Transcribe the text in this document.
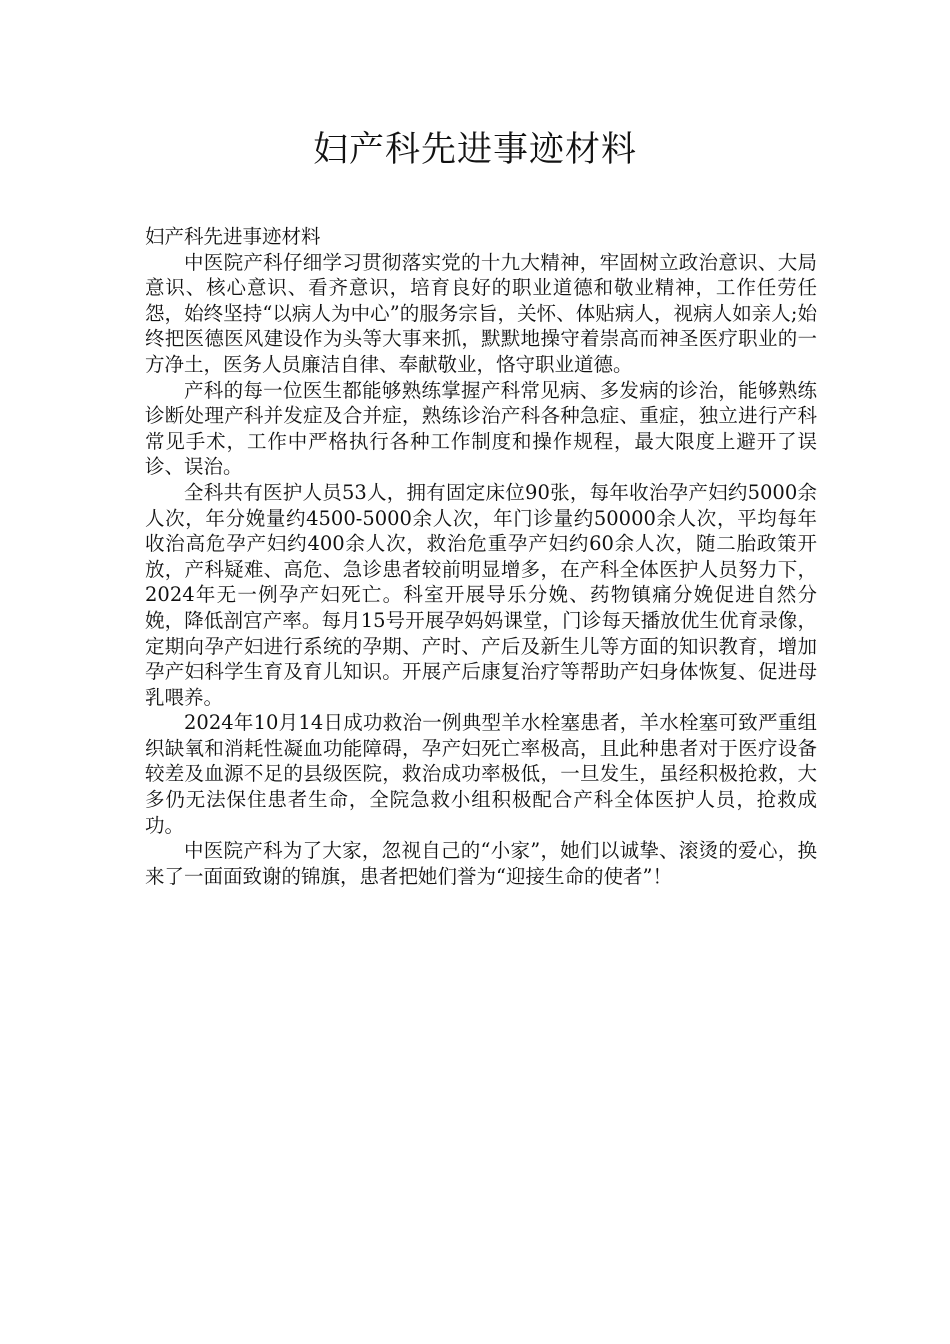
妇产科先进事迹材料

妇产科先进事迹材料

中医院产科仔细学习贯彻落实党的十九大精神，牢固树立政治意识、大局意识、核心意识、看齐意识，培育良好的职业道德和敬业精神，工作任劳任怨，始终坚持“以病人为中心”的服务宗旨，关怀、体贴病人，视病人如亲人;始终把医德医风建设作为头等大事来抓，默默地操守着崇高而神圣医疗职业的一方净土，医务人员廉洁自律、奉献敬业，恪守职业道德。

产科的每一位医生都能够熟练掌握产科常见病、多发病的诊治，能够熟练诊断处理产科并发症及合并症，熟练诊治产科各种急症、重症，独立进行产科常见手术，工作中严格执行各种工作制度和操作规程，最大限度上避开了误诊、误治。

全科共有医护人员53人，拥有固定床位90张，每年收治孕产妇约5000余人次，年分娩量约4500-5000余人次，年门诊量约50000余人次，平均每年收治高危孕产妇约400余人次，救治危重孕产妇约60余人次，随二胎政策开放，产科疑难、高危、急诊患者较前明显增多，在产科全体医护人员努力下，2024年无一例孕产妇死亡。科室开展导乐分娩、药物镇痛分娩促进自然分娩，降低剖宫产率。每月15号开展孕妈妈课堂，门诊每天播放优生优育录像，定期向孕产妇进行系统的孕期、产时、产后及新生儿等方面的知识教育，增加孕产妇科学生育及育儿知识。开展产后康复治疗等帮助产妇身体恢复、促进母乳喂养。

2024年10月14日成功救治一例典型羊水栓塞患者，羊水栓塞可致严重组织缺氧和消耗性凝血功能障碍，孕产妇死亡率极高，且此种患者对于医疗设备较差及血源不足的县级医院，救治成功率极低，一旦发生，虽经积极抢救，大多仍无法保住患者生命，全院急救小组积极配合产科全体医护人员，抢救成功。

中医院产科为了大家，忽视自己的“小家”，她们以诚挚、滚烫的爱心，换来了一面面致谢的锦旗，患者把她们誉为“迎接生命的使者”！
